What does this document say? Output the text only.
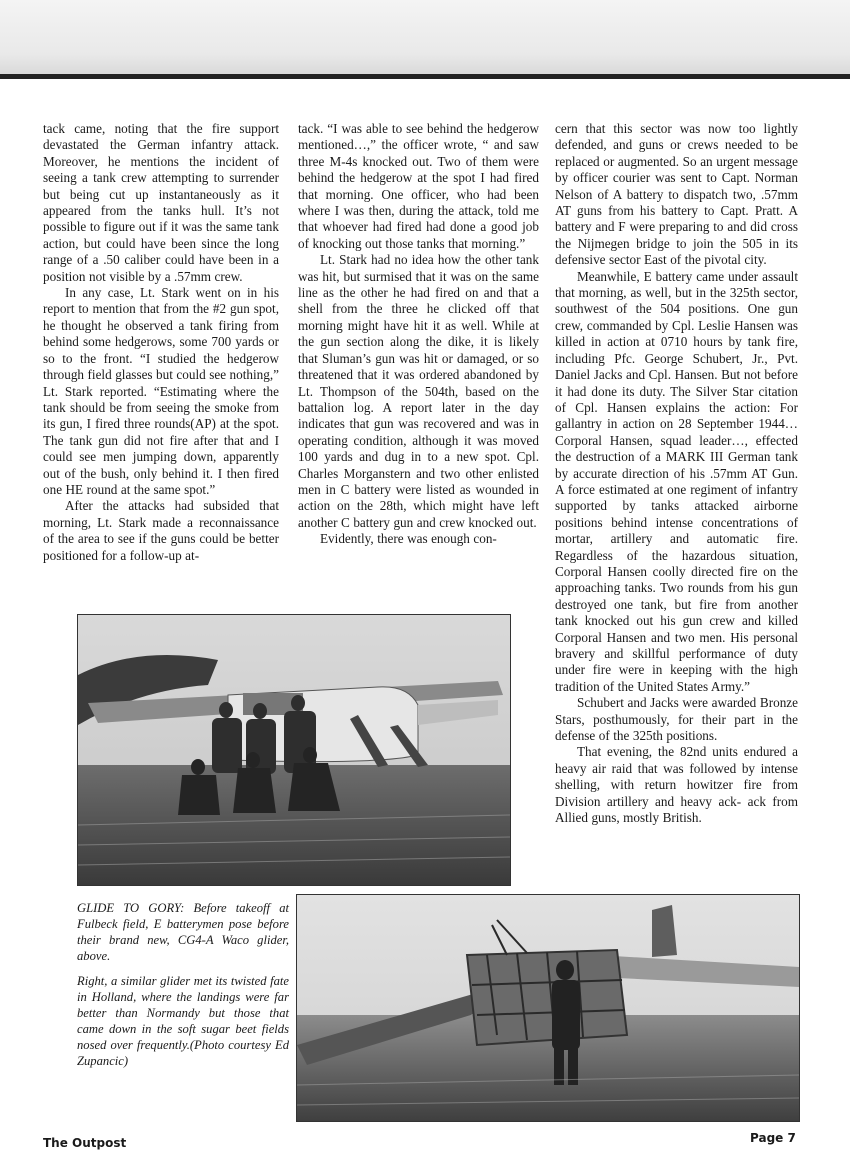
tack came, noting that the fire support devastated the German infantry attack. Moreover, he mentions the incident of seeing a tank crew attempting to surrender but being cut up instantaneously as it appeared from the tanks hull. It’s not possible to figure out if it was the same tank action, but could have been since the long range of a .50 caliber could have been in a position not visible by a .57mm crew.

In any case, Lt. Stark went on in his report to mention that from the #2 gun spot, he thought he observed a tank firing from behind some hedgerows, some 700 yards or so to the front. “I studied the hedgerow through field glasses but could see nothing,” Lt. Stark reported. “Estimating where the tank should be from seeing the smoke from its gun, I fired three rounds(AP) at the spot. The tank gun did not fire after that and I could see men jumping down, apparently out of the bush, only behind it. I then fired one HE round at the same spot.”

After the attacks had subsided that morning, Lt. Stark made a reconnaissance of the area to see if the guns could be better positioned for a follow-up at-

tack. “I was able to see behind the hedgerow mentioned…,” the officer wrote, “ and saw three M-4s knocked out. Two of them were behind the hedgerow at the spot I had fired that morning. One officer, who had been where I was then, during the attack, told me that whoever had fired had done a good job of knocking out those tanks that morning.”

Lt. Stark had no idea how the other tank was hit, but surmised that it was on the same line as the other he had fired on and that a shell from the three he clicked off that morning might have hit it as well. While at the gun section along the dike, it is likely that Sluman’s gun was hit or damaged, or so threatened that it was ordered abandoned by Lt. Thompson of the 504th, based on the battalion log. A report later in the day indicates that gun was recovered and was in operating condition, although it was moved 100 yards and dug in to a new spot. Cpl. Charles Morganstern and two other enlisted men in C battery were listed as wounded in action on the 28th, which might have left another C battery gun and crew knocked out.

Evidently, there was enough con-

cern that this sector was now too lightly defended, and guns or crews needed to be replaced or augmented. So an urgent message by officer courier was sent to Capt. Norman Nelson of A battery to dispatch two, .57mm AT guns from his battery to Capt. Pratt. A battery and F were preparing to and did cross the Nijmegen bridge to join the 505 in its defensive sector East of the pivotal city.

Meanwhile, E battery came under assault that morning, as well, but in the 325th sector, southwest of the 504 positions. One gun crew, commanded by Cpl. Leslie Hansen was killed in action at 0710 hours by tank fire, including Pfc. George Schubert, Jr., Pvt. Daniel Jacks and Cpl. Hansen. But not before it had done its duty. The Silver Star citation of Cpl. Hansen explains the action: For gallantry in action on 28 September 1944… Corporal Hansen, squad leader…, effected the destruction of a MARK III German tank by accurate direction of his .57mm AT Gun. A force estimated at one regiment of infantry supported by tanks attacked airborne positions behind intense concentrations of mortar, artillery and automatic fire. Regardless of the hazardous situation, Corporal Hansen coolly directed fire on the approaching tanks. Two rounds from his gun destroyed one tank, but fire from another tank knocked out his gun crew and killed Corporal Hansen and two men. His personal bravery and skillful performance of duty under fire were in keeping with the high tradition of the United States Army.”

Schubert and Jacks were awarded Bronze Stars, posthumously, for their part in the defense of the 325th positions.

That evening, the 82nd units endured a heavy air raid that was followed by intense shelling, with return howitzer fire from Division artillery and heavy ack- ack from Allied guns, mostly British.

GLIDE TO GORY: Before takeoff at Fulbeck field, E batterymen pose before their brand new, CG4-A Waco glider, above.

Right, a similar glider met its twisted fate in Holland, where the landings were far better than Normandy but those that came down in the soft sugar beet fields nosed over frequently.(Photo courtesy Ed Zupancic)

The Outpost	Page 7
